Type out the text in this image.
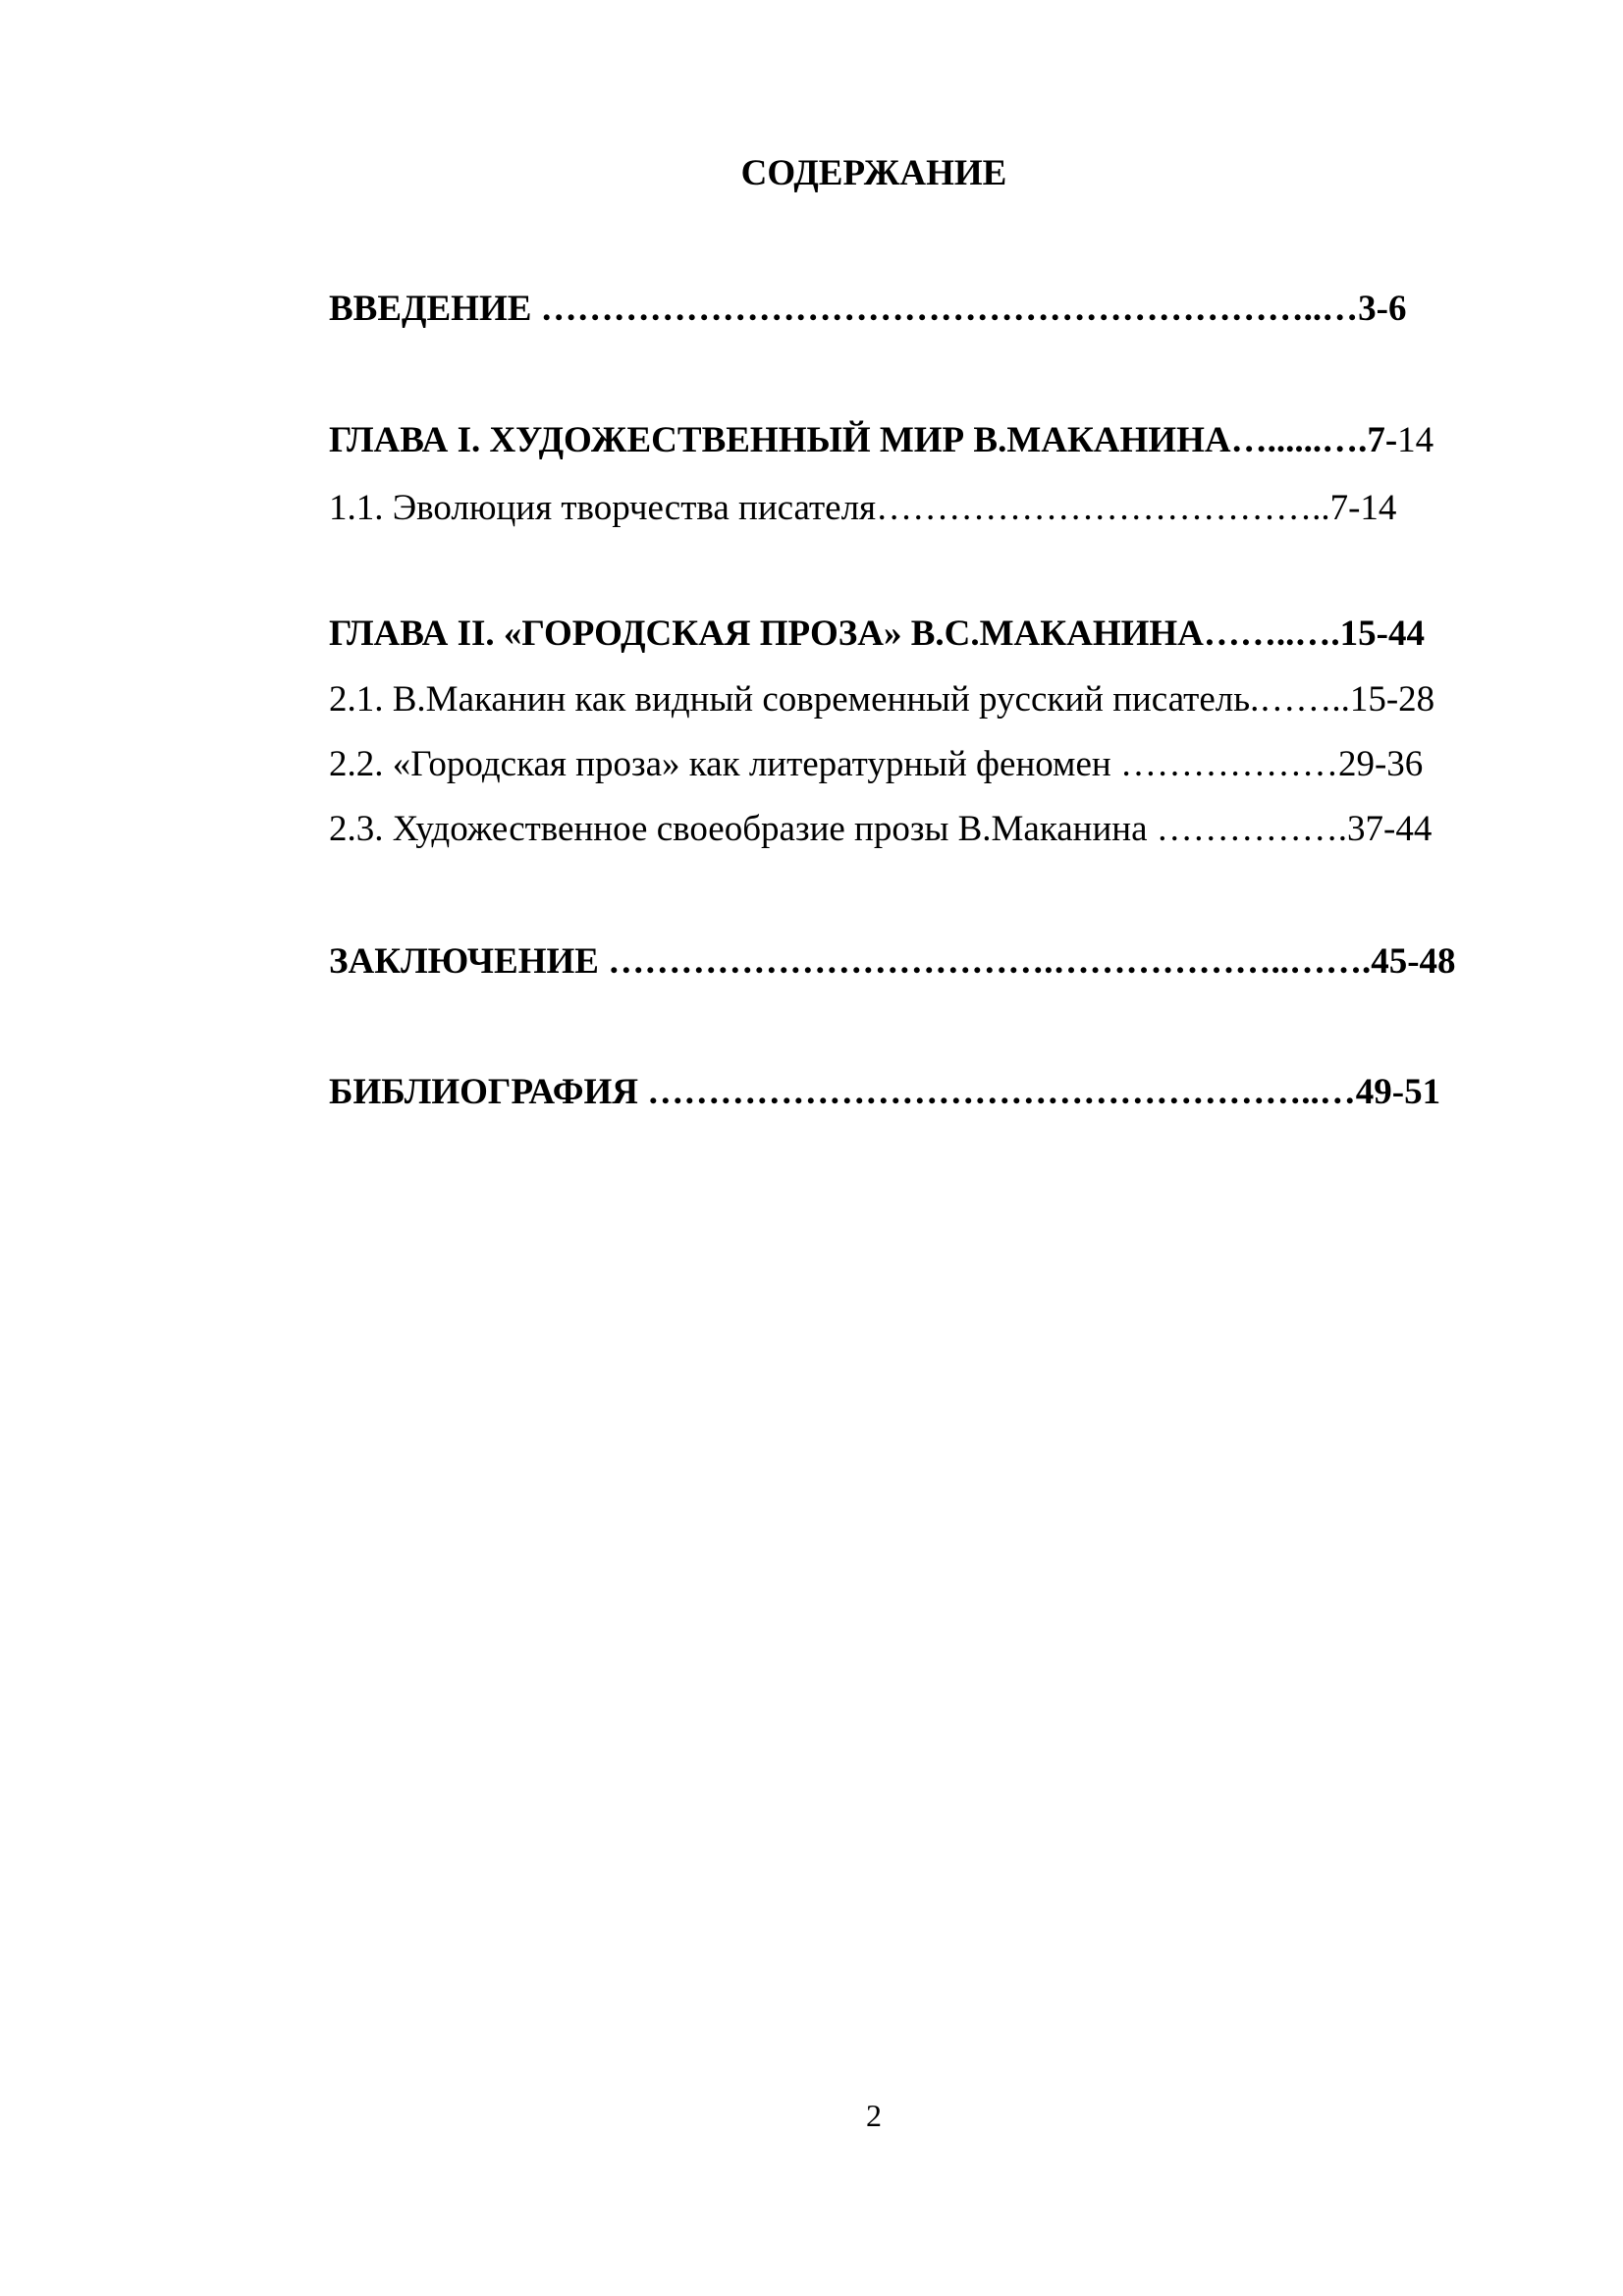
СОДЕРЖАНИЕ

ВВЕДЕНИЕ ………………………………………………………..…3-6

ГЛАВА I. ХУДОЖЕСТВЕННЫЙ МИР В.МАКАНИНА…......….7-14

1.1. Эволюция творчества писателя………………………………..7-14

ГЛАВА II. «ГОРОДСКАЯ ПРОЗА» В.С.МАКАНИНА……..….15-44

2.1. В.Маканин как видный современный русский писатель.……..15-28

2.2. «Городская проза» как литературный феномен ………………29-36

2.3. Художественное своеобразие прозы В.Маканина …………….37-44

ЗАКЛЮЧЕНИЕ ……………………………….………………..…….45-48

БИБЛИОГРАФИЯ ………………………………………………..…49-51

2
